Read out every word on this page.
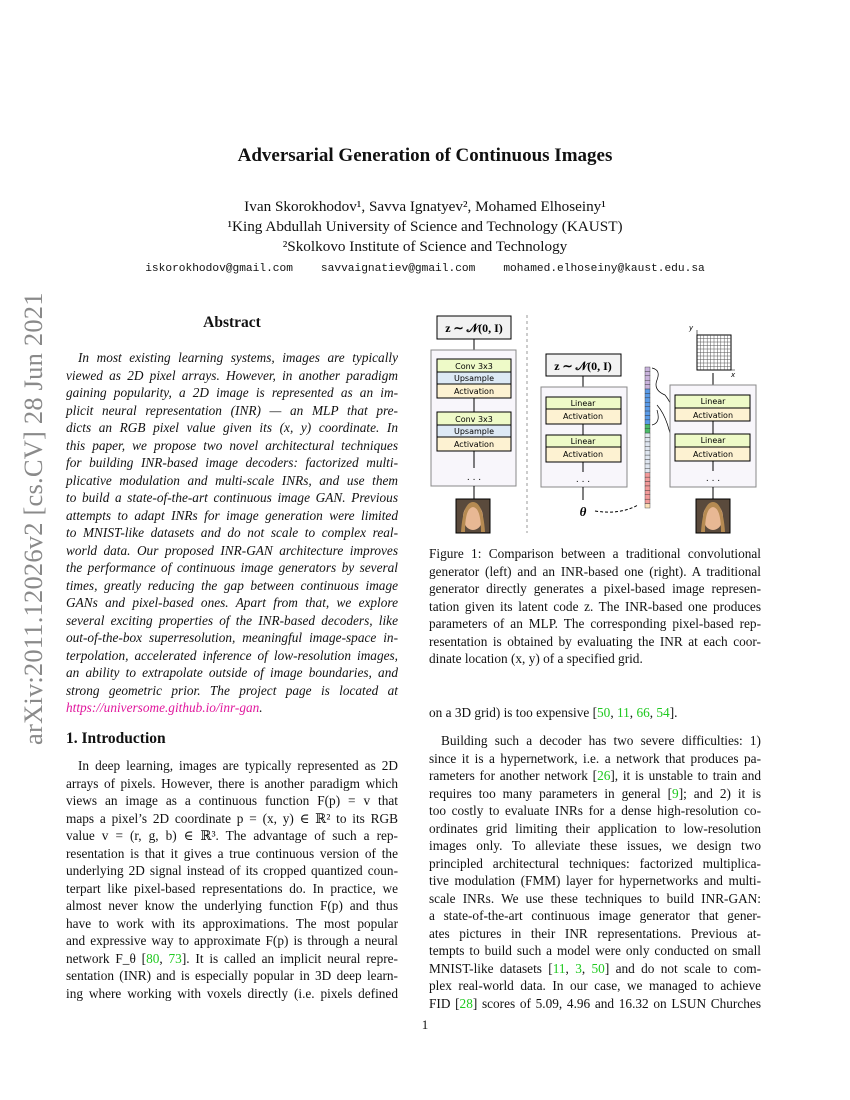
Adversarial Generation of Continuous Images
Ivan Skorokhodov¹, Savva Ignatyev², Mohamed Elhoseiny¹
¹King Abdullah University of Science and Technology (KAUST)
²Skolkovo Institute of Science and Technology
iskorokhodov@gmail.com	savvaignatiev@gmail.com	mohamed.elhoseiny@kaust.edu.sa
arXiv:2011.12026v2 [cs.CV] 28 Jun 2021	Abstract
In most existing learning systems, images are typically
viewed as 2D pixel arrays. However, in another paradigm
gaining popularity, a 2D image is represented as an im-
plicit neural representation (INR) — an MLP that pre-
dicts an RGB pixel value given its (x, y) coordinate. In
this paper, we propose two novel architectural techniques
for building INR-based image decoders: factorized multi-
plicative modulation and multi-scale INRs, and use them
to build a state-of-the-art continuous image GAN. Previous
attempts to adapt INRs for image generation were limited
to MNIST-like datasets and do not scale to complex real-
world data. Our proposed INR-GAN architecture improves
the performance of continuous image generators by several
times, greatly reducing the gap between continuous image
GANs and pixel-based ones. Apart from that, we explore
several exciting properties of the INR-based decoders, like
out-of-the-box superresolution, meaningful image-space in-
terpolation, accelerated inference of low-resolution images,
an ability to extrapolate outside of image boundaries, and
strong geometric prior. The project page is located at
https://universome.github.io/inr-gan.
1. Introduction
In deep learning, images are typically represented as 2D
arrays of pixels. However, there is another paradigm which
views an image as a continuous function F(p) = v that
maps a pixel’s 2D coordinate p = (x, y) ∈ ℝ² to its RGB
value v = (r, g, b) ∈ ℝ³. The advantage of such a rep-
resentation is that it gives a true continuous version of the
underlying 2D signal instead of its cropped quantized coun-
terpart like pixel-based representations do. In practice, we
almost never know the underlying function F(p) and thus
have to work with its approximations. The most popular
and expressive way to approximate F(p) is through a neural
network F_θ [80, 73]. It is called an implicit neural repre-
sentation (INR) and is especially popular in 3D deep learn-
ing where working with voxels directly (i.e. pixels defined
z ∼ 𝒩(0, I)
Conv 3x3
Upsample
Activation
Conv 3x3
Upsample
Activation
. . .
z ∼ 𝒩(0, I)
Linear
Activation
Linear
Activation
. . .
θ
y
x
Linear
Activation
Linear
Activation
. . .
Figure 1: Comparison between a traditional convolutional
generator (left) and an INR-based one (right). A traditional
generator directly generates a pixel-based image represen-
tation given its latent code z. The INR-based one produces
parameters of an MLP. The corresponding pixel-based rep-
resentation is obtained by evaluating the INR at each coor-
dinate location (x, y) of a specified grid.
on a 3D grid) is too expensive [50, 11, 66, 54].
Building such a decoder has two severe difficulties: 1)
since it is a hypernetwork, i.e. a network that produces pa-
rameters for another network [26], it is unstable to train and
requires too many parameters in general [9]; and 2) it is
too costly to evaluate INRs for a dense high-resolution co-
ordinates grid limiting their application to low-resolution
images only. To alleviate these issues, we design two
principled architectural techniques: factorized multiplica-
tive modulation (FMM) layer for hypernetworks and multi-
scale INRs. We use these techniques to build INR-GAN:
a state-of-the-art continuous image generator that gener-
ates pictures in their INR representations. Previous at-
tempts to build such a model were only conducted on small
MNIST-like datasets [11, 3, 50] and do not scale to com-
plex real-world data. In our case, we managed to achieve
FID [28] scores of 5.09, 4.96 and 16.32 on LSUN Churches
1
